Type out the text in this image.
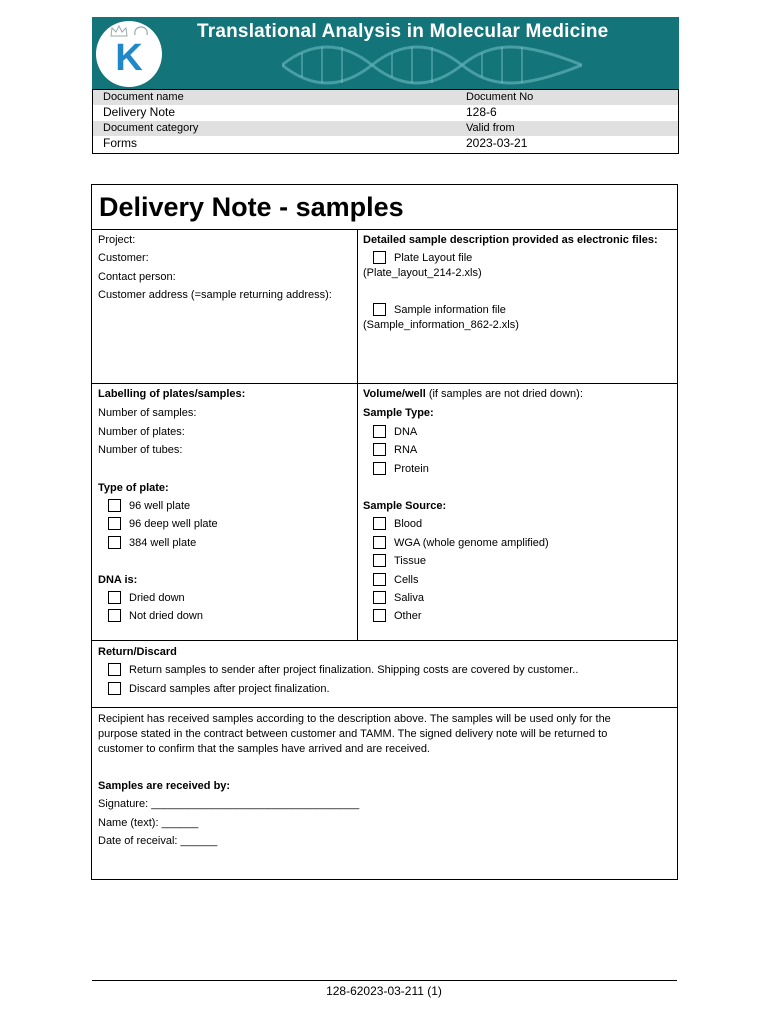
K
Translational Analysis in Molecular Medicine
Document name	Document No
Delivery Note	128-6
Document category	Valid from
Forms	2023-03-21
Delivery Note - samples
Project:
Customer:
Contact person:
Customer address (=sample returning address):
Detailed sample description provided as electronic files:
Plate Layout file
(Plate_layout_214-2.xls)
Sample information file
(Sample_information_862-2.xls)
Labelling of plates/samples:
Number of samples:
Number of plates:
Number of tubes:
Type of plate:
96 well plate
96 deep well plate
384 well plate
DNA is:
Dried down
Not dried down
Volume/well (if samples are not dried down):
Sample Type:
DNA
RNA
Protein
Sample Source:
Blood
WGA (whole genome amplified)
Tissue
Cells
Saliva
Other
Return/Discard
Return samples to sender after project finalization. Shipping costs are covered by customer..
Discard samples after project finalization.
Recipient has received samples according to the description above. The samples will be used only for the
purpose stated in the contract between customer and TAMM. The signed delivery note will be returned to
customer to confirm that the samples have arrived and are received.
Samples are received by:
Signature: __________________________________
Name (text): ______
Date of receival: ______
128-62023-03-211 (1)
